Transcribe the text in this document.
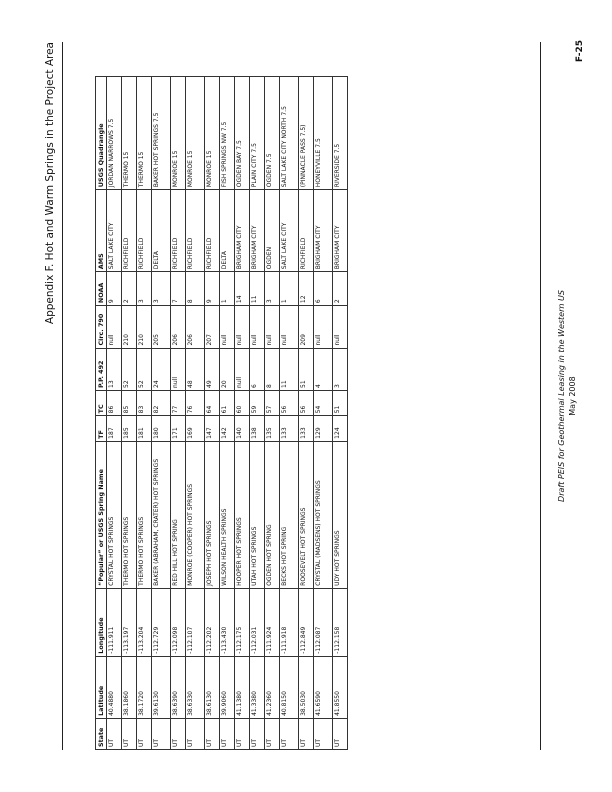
Appendix F. Hot and Warm Springs in the Project Area
State	Latitude	Longitude	“Popular” or USGS Spring Name	TF	TC	P.P. 492	Circ. 790	NOAA	AMS	USGS Quadrangle
UT	40.4880	-111.911	CRYSTAL HOT SPRINGS	187	86	13	null	9	SALT LAKE CITY	JORDAN NARROWS 7.5
UT	38.1860	-113.197	THERMO HOT SPRINGS	185	85	52	210	2	RICHFIELD	THERMO 15
UT	38.1720	-113.204	THERMO HOT SPRINGS	181	83	52	210	3	RICHFIELD	THERMO 15
UT	39.6130	-112.729	BAKER (ABRAHAM, CRATER) HOT SPRINGS	180	82	24	205	3	DELTA	BAKER HOT SPRINGS 7.5
UT	38.6390	-112.098	RED HILL HOT SPRING	171	77	null	206	7	RICHFIELD	MONROE 15
UT	38.6330	-112.107	MONROE (COOPER) HOT SPRINGS	169	76	48	206	8	RICHFIELD	MONROE 15
UT	38.6130	-112.202	JOSEPH HOT SPRINGS	147	64	49	207	9	RICHFIELD	MONROE 15
UT	39.9060	-113.430	WILSON HEALTH SPRINGS	142	61	20	null	1	DELTA	FISH SPRINGS NW 7.5
UT	41.1380	-112.175	HOOPER HOT SPRINGS	140	60	null	null	14	BRIGHAM CITY	OGDEN BAY 7.5
UT	41.3380	-112.031	UTAH HOT SPRINGS	138	59	6	null	11	BRIGHAM CITY	PLAIN CITY 7.5
UT	41.2360	-111.924	OGDEN HOT SPRING	135	57	8	null	3	OGDEN	OGDEN 7.5
UT	40.8150	-111.918	BECKS HOT SPRING	133	56	11	null	1	SALT LAKE CITY	SALT LAKE CITY NORTH 7.5
UT	38.5030	-112.849	ROOSEVELT HOT SPRINGS	133	56	51	209	12	RICHFIELD	(PINNACLE PASS 7.5)
UT	41.6590	-112.087	CRYSTAL (MADSENS) HOT SPRINGS	129	54	4	null	6	BRIGHAM CITY	HONEYVILLE 7.5
UT	41.8550	-112.158	UDY HOT SPRINGS	124	51	3	null	2	BRIGHAM CITY	RIVERSIDE 7.5
Draft PEIS for Geothermal Leasing in the Western US May 2008
F-25
